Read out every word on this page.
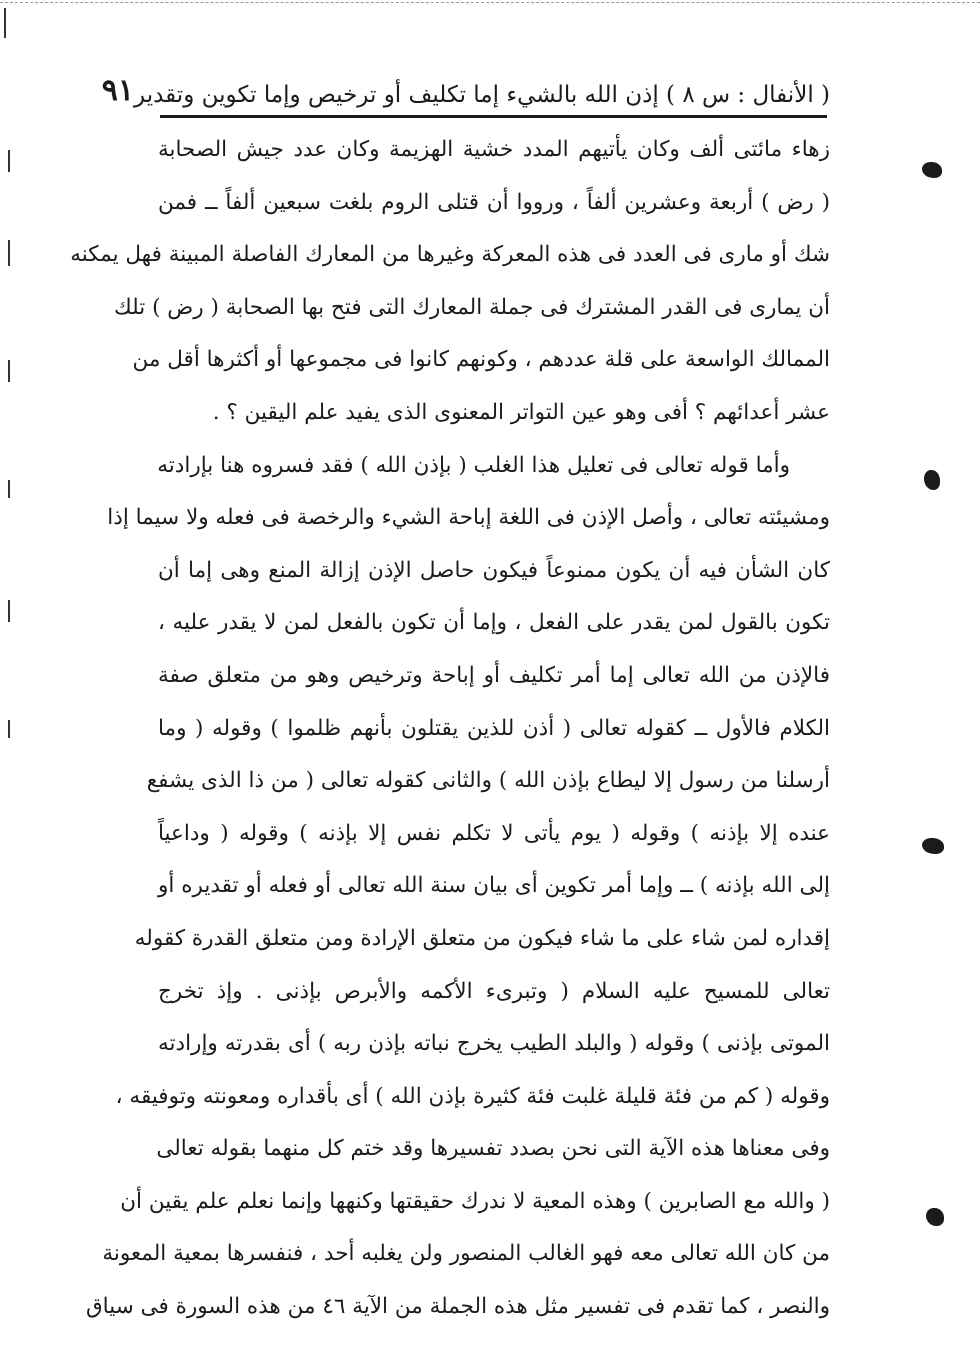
( الأنفال : س ٨ ) إذن الله بالشيء إما تكليف أو ترخيص وإما تكوين وتقدير
٩١
زهاء مائتى ألف وكان يأتيهم المدد خشية الهزيمة وكان عدد جيش الصحابة
( رض ) أربعة وعشرين ألفاً ، ورووا أن قتلى الروم بلغت سبعين ألفاً ــ فمن
شك أو مارى فى العدد فى هذه المعركة وغيرها من المعارك الفاصلة المبينة فهل يمكنه
أن يمارى فى القدر المشترك فى جملة المعارك التى فتح بها الصحابة ( رض ) تلك
الممالك الواسعة على قلة عددهم ، وكونهم كانوا فى مجموعها أو أكثرها أقل من
عشر أعدائهم ؟ أفى وهو عين التواتر المعنوى الذى يفيد علم اليقين ؟ .
وأما قوله تعالى فى تعليل هذا الغلب ( بإذن الله ) فقد فسروه هنا بإرادته
ومشيئته تعالى ، وأصل الإذن فى اللغة إباحة الشيء والرخصة فى فعله ولا سيما إذا
كان الشأن فيه أن يكون ممنوعاً فيكون حاصل الإذن إزالة المنع وهى إما أن
تكون بالقول لمن يقدر على الفعل ، وإما أن تكون بالفعل لمن لا يقدر عليه ،
فالإذن من الله تعالى إما أمر تكليف أو إباحة وترخيص وهو من متعلق صفة
الكلام فالأول ــ كقوله تعالى ( أذن للذين يقتلون بأنهم ظلموا ) وقوله ( وما
أرسلنا من رسول إلا ليطاع بإذن الله ) والثانى كقوله تعالى ( من ذا الذى يشفع
عنده إلا بإذنه ) وقوله ( يوم يأتى لا تكلم نفس إلا بإذنه ) وقوله ( وداعياً
إلى الله بإذنه ) ــ وإما أمر تكوين أى بيان سنة الله تعالى أو فعله أو تقديره أو
إقداره لمن شاء على ما شاء فيكون من متعلق الإرادة ومن متعلق القدرة كقوله
تعالى للمسيح عليه السلام ( وتبرىء الأكمه والأبرص بإذنى . وإذ تخرج
الموتى بإذنى ) وقوله ( والبلد الطيب يخرج نباته بإذن ربه ) أى بقدرته وإرادته
وقوله ( كم من فئة قليلة غلبت فئة كثيرة بإذن الله ) أى بأقداره ومعونته وتوفيقه ،
وفى معناها هذه الآية التى نحن بصدد تفسيرها وقد ختم كل منهما بقوله تعالى
( والله مع الصابرين ) وهذه المعية لا ندرك حقيقتها وكنهها وإنما نعلم علم يقين أن
من كان الله تعالى معه فهو الغالب المنصور ولن يغلبه أحد ، فنفسرها بمعية المعونة
والنصر ، كما تقدم فى تفسير مثل هذه الجملة من الآية ٤٦ من هذه السورة فى سياق
